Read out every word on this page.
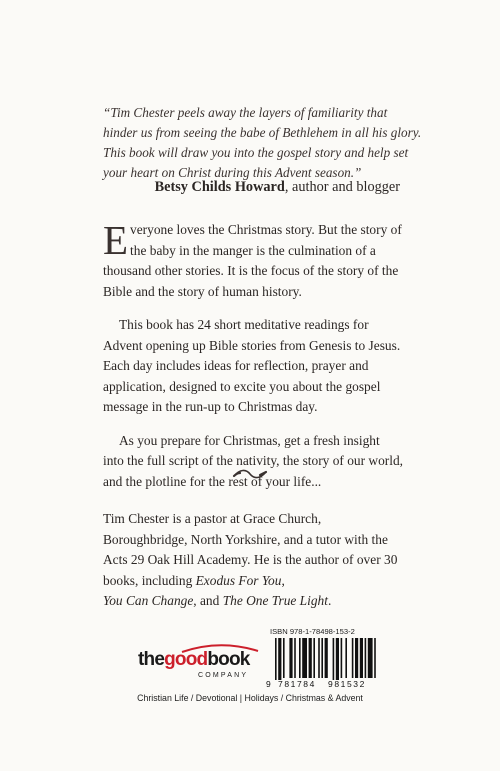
“Tim Chester peels away the layers of familiarity that hinder us from seeing the babe of Bethlehem in all his glory. This book will draw you into the gospel story and help set your heart on Christ during this Advent season.”
Betsy Childs Howard, author and blogger

Everyone loves the Christmas story. But the story of the baby in the manger is the culmination of a thousand other stories. It is the focus of the story of the Bible and the story of human history.

This book has 24 short meditative readings for Advent opening up Bible stories from Genesis to Jesus. Each day includes ideas for reflection, prayer and application, designed to excite you about the gospel message in the run-up to Christmas day.

As you prepare for Christmas, get a fresh insight into the full script of the nativity, the story of our world, and the plotline for the rest of your life...

Tim Chester is a pastor at Grace Church, Boroughbridge, North Yorkshire, and a tutor with the Acts 29 Oak Hill Academy. He is the author of over 30 books, including Exodus For You,
You Can Change, and The One True Light.
thegoodbook
COMPANY
ISBN 978-1-78498-153-2
9 781784 981532
Christian Life / Devotional | Holidays / Christmas & Advent
